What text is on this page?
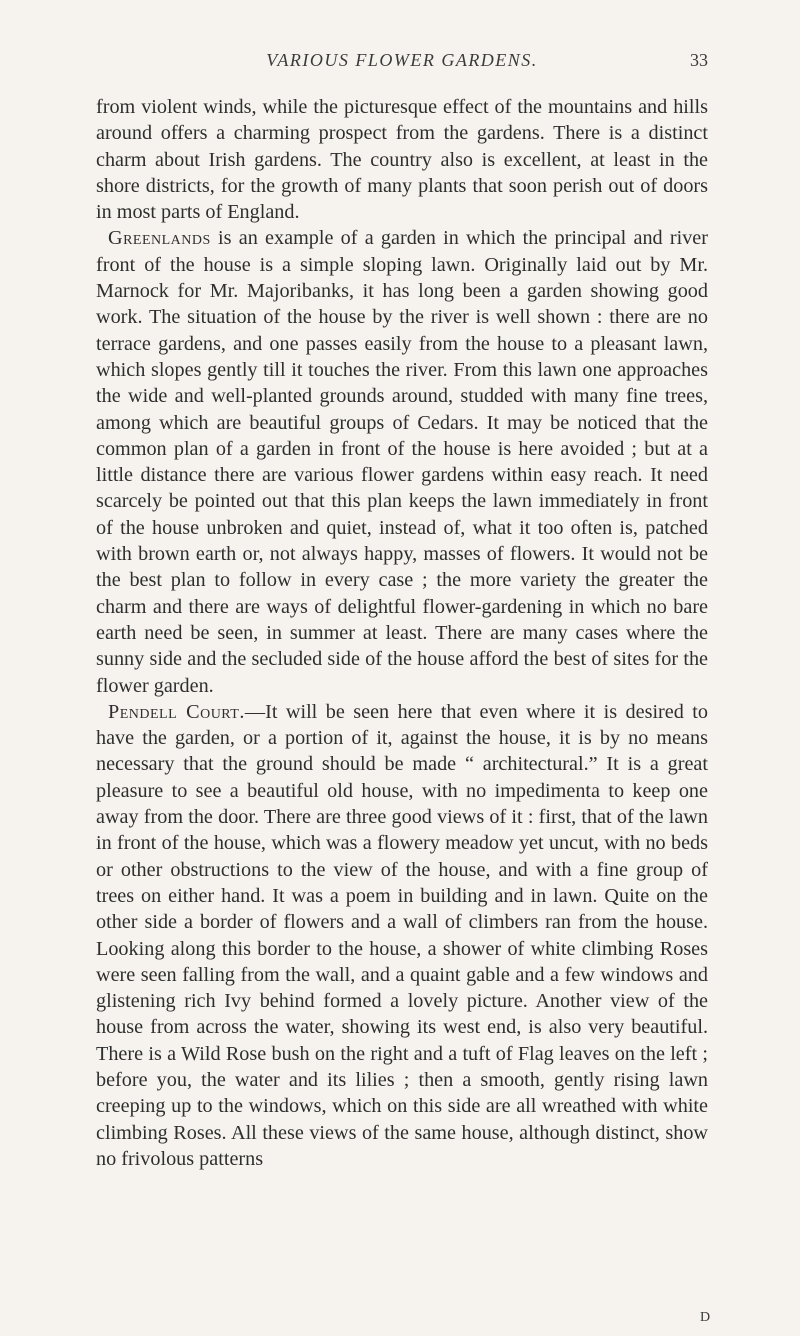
VARIOUS FLOWER GARDENS.	33

from violent winds, while the picturesque effect of the mountains and hills around offers a charming prospect from the gardens. There is a distinct charm about Irish gardens. The country also is excellent, at least in the shore districts, for the growth of many plants that soon perish out of doors in most parts of England.

Greenlands is an example of a garden in which the principal and river front of the house is a simple sloping lawn. Originally laid out by Mr. Marnock for Mr. Majoribanks, it has long been a garden showing good work. The situation of the house by the river is well shown : there are no terrace gardens, and one passes easily from the house to a pleasant lawn, which slopes gently till it touches the river. From this lawn one approaches the wide and well-planted grounds around, studded with many fine trees, among which are beautiful groups of Cedars. It may be noticed that the common plan of a garden in front of the house is here avoided ; but at a little distance there are various flower gardens within easy reach. It need scarcely be pointed out that this plan keeps the lawn immediately in front of the house unbroken and quiet, instead of, what it too often is, patched with brown earth or, not always happy, masses of flowers. It would not be the best plan to follow in every case ; the more variety the greater the charm and there are ways of delightful flower-gardening in which no bare earth need be seen, in summer at least. There are many cases where the sunny side and the secluded side of the house afford the best of sites for the flower garden.

Pendell Court.—It will be seen here that even where it is desired to have the garden, or a portion of it, against the house, it is by no means necessary that the ground should be made “ architectural.” It is a great pleasure to see a beautiful old house, with no impedimenta to keep one away from the door. There are three good views of it : first, that of the lawn in front of the house, which was a flowery meadow yet uncut, with no beds or other obstructions to the view of the house, and with a fine group of trees on either hand. It was a poem in building and in lawn. Quite on the other side a border of flowers and a wall of climbers ran from the house. Looking along this border to the house, a shower of white climbing Roses were seen falling from the wall, and a quaint gable and a few windows and glistening rich Ivy behind formed a lovely picture. Another view of the house from across the water, showing its west end, is also very beautiful. There is a Wild Rose bush on the right and a tuft of Flag leaves on the left ; before you, the water and its lilies ; then a smooth, gently rising lawn creeping up to the windows, which on this side are all wreathed with white climbing Roses. All these views of the same house, although distinct, show no frivolous patterns

D
